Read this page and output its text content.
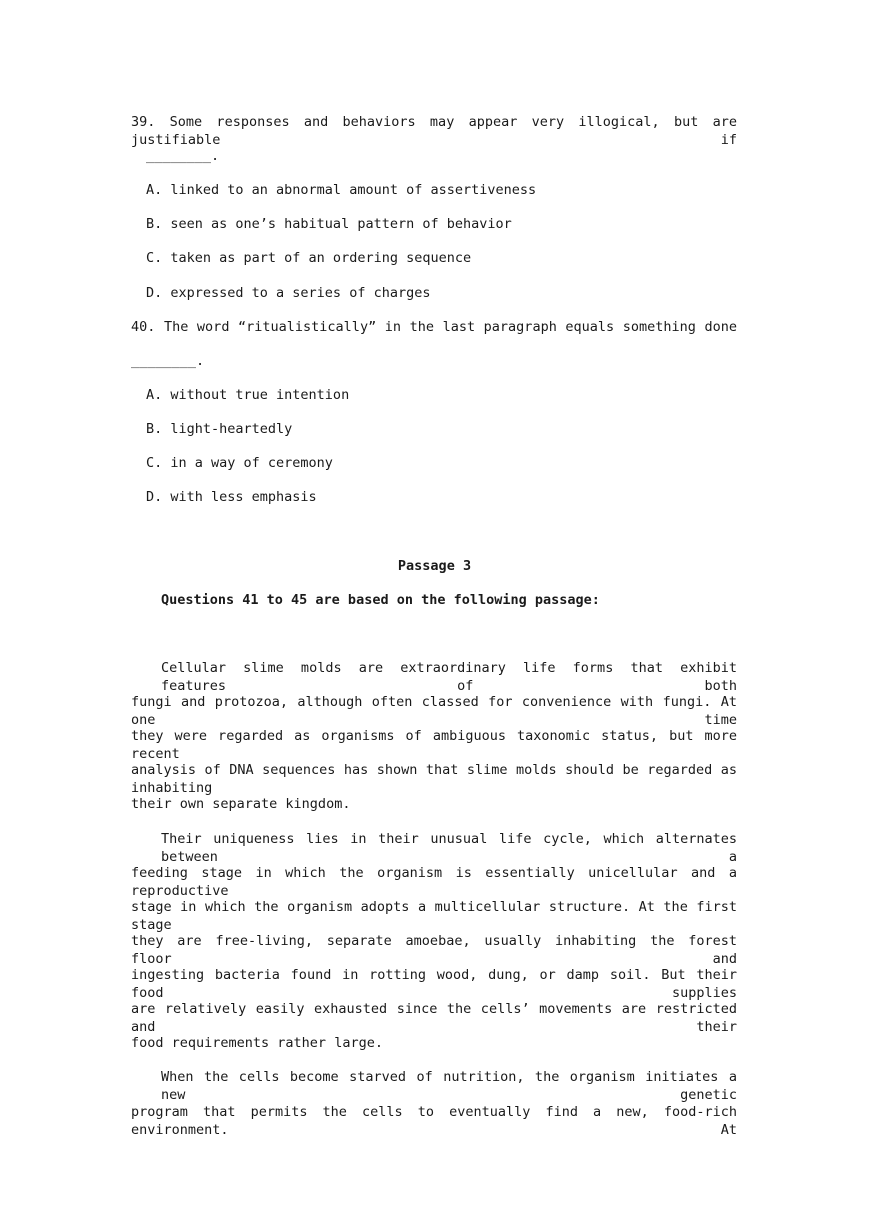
39. Some responses and behaviors may appear very illogical, but are justifiable if
________.
A. linked to an abnormal amount of assertiveness
B. seen as one’s habitual pattern of behavior
C. taken as part of an ordering sequence
D. expressed to a series of charges
40. The word “ritualistically” in the last paragraph equals something done
________.
A. without true intention
B. light-heartedly
C. in a way of ceremony
D. with less emphasis
Passage 3
Questions 41 to 45 are based on the following passage:
Cellular slime molds are extraordinary life forms that exhibit features of both
fungi and protozoa, although often classed for convenience with fungi. At one time
they were regarded as organisms of ambiguous taxonomic status, but more recent
analysis of DNA sequences has shown that slime molds should be regarded as inhabiting
their own separate kingdom.
Their uniqueness lies in their unusual life cycle, which alternates between a
feeding stage in which the organism is essentially unicellular and a reproductive
stage in which the organism adopts a multicellular structure. At the first stage
they are free-living, separate amoebae, usually inhabiting the forest floor and
ingesting bacteria found in rotting wood, dung, or damp soil. But their food supplies
are relatively easily exhausted since the cells’ movements are restricted and their
food requirements rather large.
When the cells become starved of nutrition, the organism initiates a new genetic
program that permits the cells to eventually find a new, food-rich environment. At
